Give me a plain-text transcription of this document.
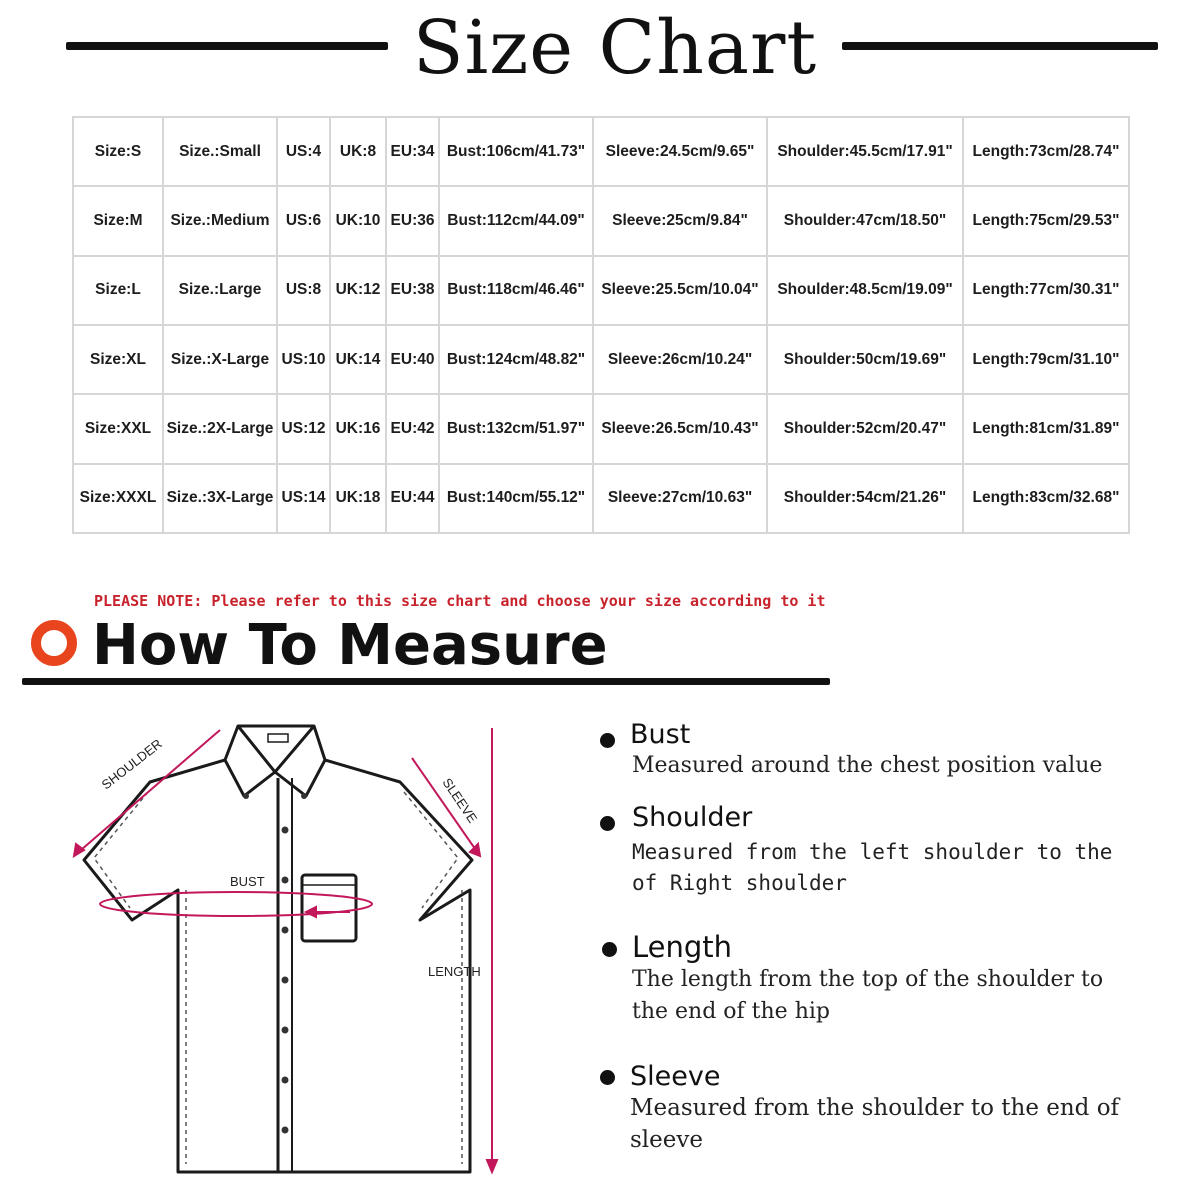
Size Chart
Size:S	Size.:Small	US:4	UK:8	EU:34	Bust:106cm/41.73"	Sleeve:24.5cm/9.65"	Shoulder:45.5cm/17.91"	Length:73cm/28.74"
Size:M	Size.:Medium	US:6	UK:10	EU:36	Bust:112cm/44.09"	Sleeve:25cm/9.84"	Shoulder:47cm/18.50"	Length:75cm/29.53"
Size:L	Size.:Large	US:8	UK:12	EU:38	Bust:118cm/46.46"	Sleeve:25.5cm/10.04"	Shoulder:48.5cm/19.09"	Length:77cm/30.31"
Size:XL	Size.:X-Large	US:10	UK:14	EU:40	Bust:124cm/48.82"	Sleeve:26cm/10.24"	Shoulder:50cm/19.69"	Length:79cm/31.10"
Size:XXL	Size.:2X-Large	US:12	UK:16	EU:42	Bust:132cm/51.97"	Sleeve:26.5cm/10.43"	Shoulder:52cm/20.47"	Length:81cm/31.89"
Size:XXXL	Size.:3X-Large	US:14	UK:18	EU:44	Bust:140cm/55.12"	Sleeve:27cm/10.63"	Shoulder:54cm/21.26"	Length:83cm/32.68"
PLEASE NOTE: Please refer to this size chart and choose your size according to it
How To Measure
SHOULDER
SLEEVE
BUST
LENGTH
Bust
Measured around the chest position value
Shoulder
Measured from the left shoulder to the of Right shoulder
Length
The length from the top of the shoulder to the end of the hip
Sleeve
Measured from the shoulder to the end of sleeve
